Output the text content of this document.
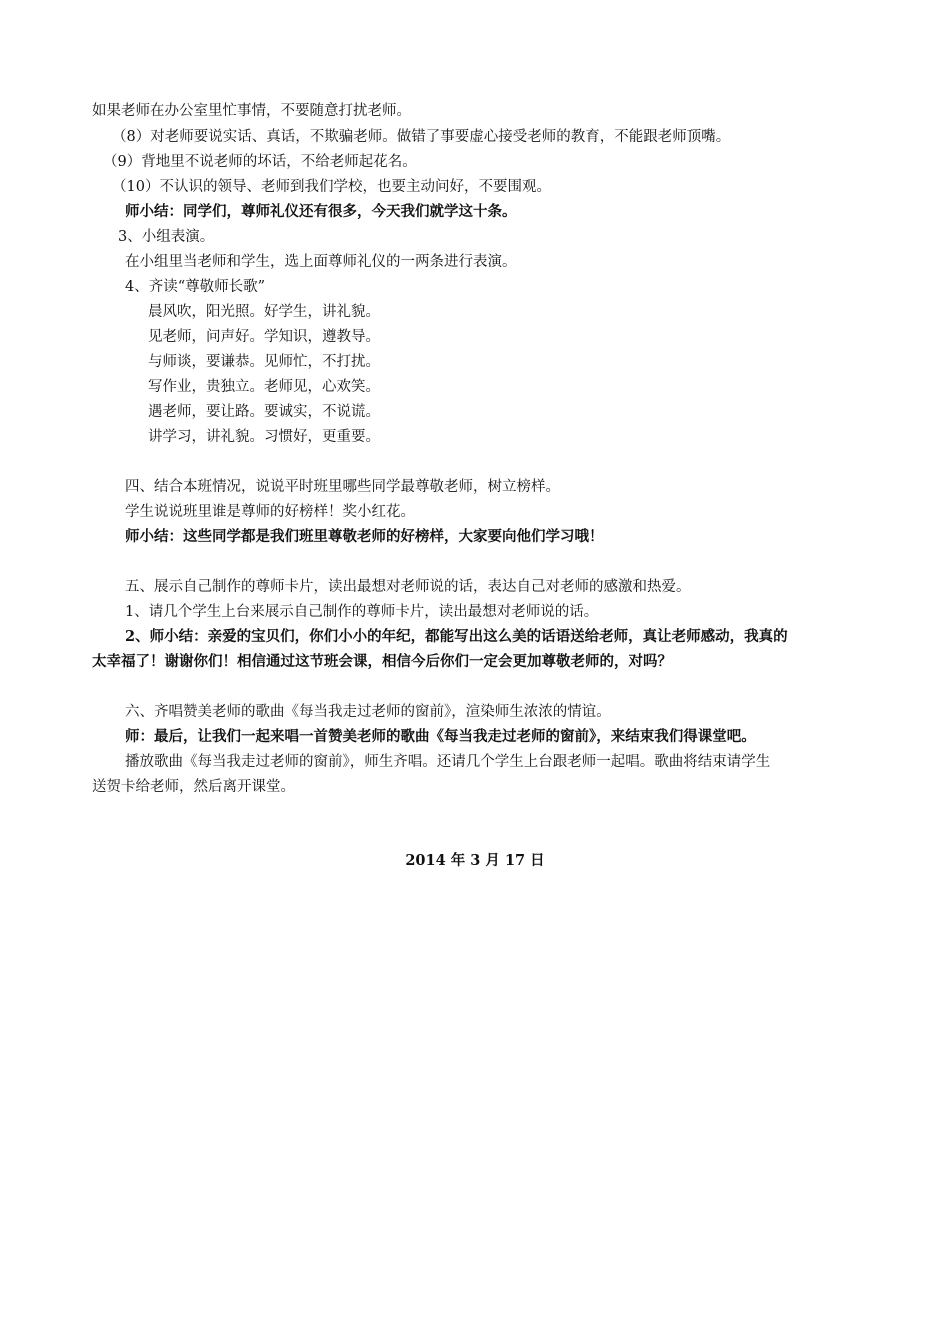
如果老师在办公室里忙事情，不要随意打扰老师。
（8）对老师要说实话、真话，不欺骗老师。做错了事要虚心接受老师的教育，不能跟老师顶嘴。
（9）背地里不说老师的坏话，不给老师起花名。
（10）不认识的领导、老师到我们学校，也要主动问好，不要围观。
师小结：同学们，尊师礼仪还有很多，今天我们就学这十条。
3、小组表演。
在小组里当老师和学生，选上面尊师礼仪的一两条进行表演。
4、齐读“尊敬师长歌”
晨风吹，阳光照。好学生，讲礼貌。
见老师，问声好。学知识，遵教导。
与师谈，要谦恭。见师忙，不打扰。
写作业，贵独立。老师见，心欢笑。
遇老师，要让路。要诚实，不说谎。
讲学习，讲礼貌。习惯好，更重要。
四、结合本班情况，说说平时班里哪些同学最尊敬老师，树立榜样。
学生说说班里谁是尊师的好榜样！奖小红花。
师小结：这些同学都是我们班里尊敬老师的好榜样，大家要向他们学习哦！
五、展示自己制作的尊师卡片，读出最想对老师说的话，表达自己对老师的感激和热爱。
1、请几个学生上台来展示自己制作的尊师卡片，读出最想对老师说的话。
2、师小结：亲爱的宝贝们，你们小小的年纪，都能写出这么美的话语送给老师，真让老师感动，我真的
太幸福了！谢谢你们！相信通过这节班会课，相信今后你们一定会更加尊敬老师的，对吗？
六、齐唱赞美老师的歌曲《每当我走过老师的窗前》，渲染师生浓浓的情谊。
师：最后，让我们一起来唱一首赞美老师的歌曲《每当我走过老师的窗前》，来结束我们得课堂吧。
播放歌曲《每当我走过老师的窗前》，师生齐唱。还请几个学生上台跟老师一起唱。歌曲将结束请学生
送贺卡给老师，然后离开课堂。
2014 年 3 月 17 日
